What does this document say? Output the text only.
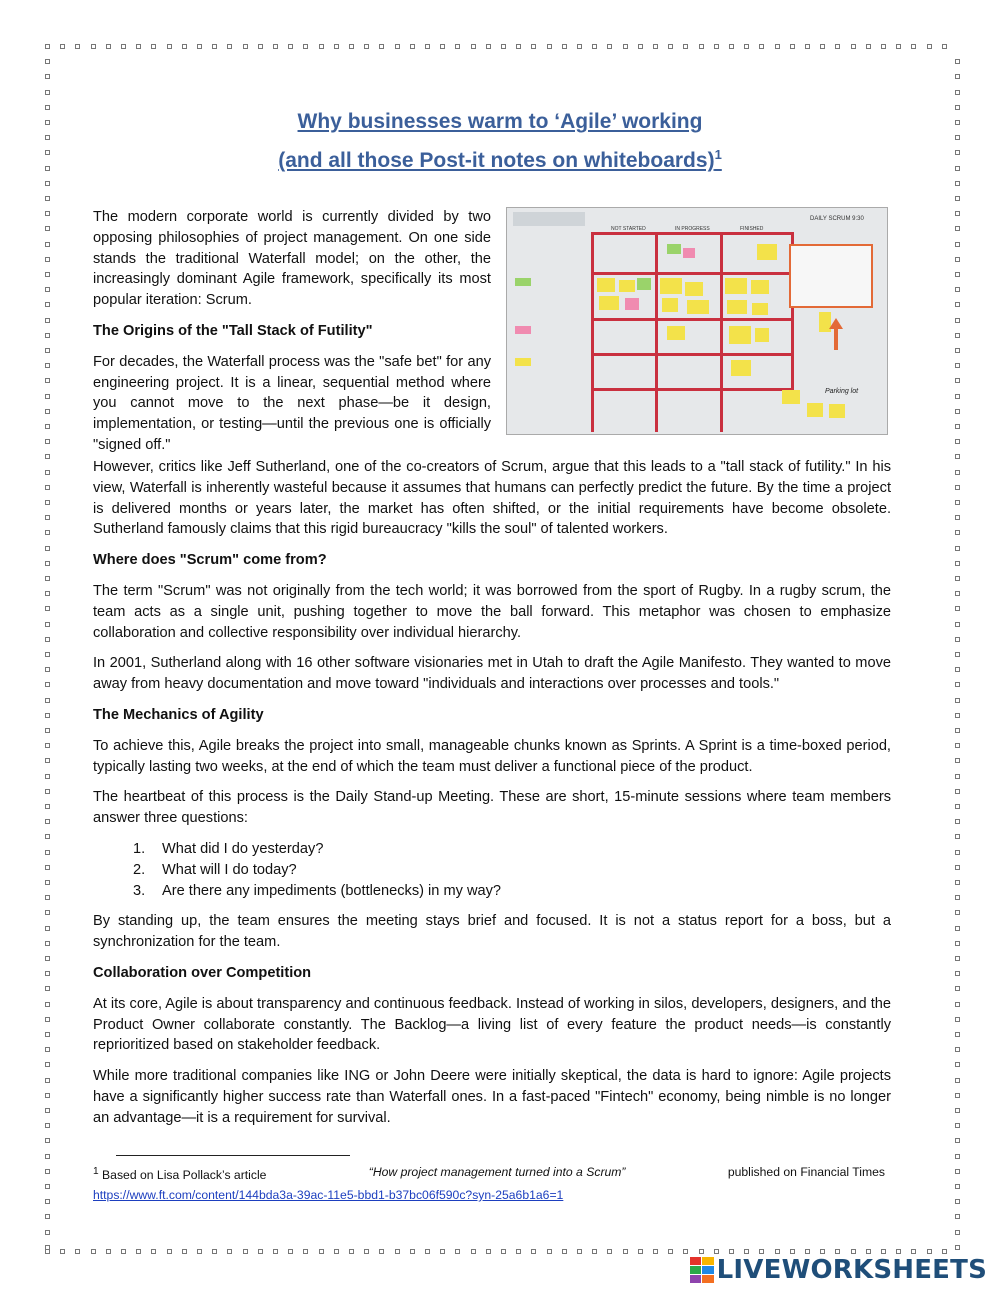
Why businesses warm to ‘Agile’ working
(and all those Post-it notes on whiteboards)$^1$

The modern corporate world is currently divided by two opposing philosophies of project management. On one side stands the traditional Waterfall model; on the other, the increasingly dominant Agile framework, specifically its most popular iteration: Scrum.

The Origins of the "Tall Stack of Futility"

For decades, the Waterfall process was the "safe bet" for any engineering project. It is a linear, sequential method where you cannot move to the next phase—be it design, implementation, or testing—until the previous one is officially "signed off."

NOT STARTED	IN PROGRESS	FINISHED
DAILY SCRUM 9:30
Parking lot

However, critics like Jeff Sutherland, one of the co-creators of Scrum, argue that this leads to a "tall stack of futility." In his view, Waterfall is inherently wasteful because it assumes that humans can perfectly predict the future. By the time a project is delivered months or years later, the market has often shifted, or the initial requirements have become obsolete. Sutherland famously claims that this rigid bureaucracy "kills the soul" of talented workers.

Where does "Scrum" come from?

The term "Scrum" was not originally from the tech world; it was borrowed from the sport of Rugby. In a rugby scrum, the team acts as a single unit, pushing together to move the ball forward. This metaphor was chosen to emphasize collaboration and collective responsibility over individual hierarchy.

In 2001, Sutherland along with 16 other software visionaries met in Utah to draft the Agile Manifesto. They wanted to move away from heavy documentation and move toward "individuals and interactions over processes and tools."

The Mechanics of Agility

To achieve this, Agile breaks the project into small, manageable chunks known as Sprints. A Sprint is a time-boxed period, typically lasting two weeks, at the end of which the team must deliver a functional piece of the product.

The heartbeat of this process is the Daily Stand-up Meeting. These are short, 15-minute sessions where team members answer three questions:

1. What did I do yesterday?
2. What will I do today?
3. Are there any impediments (bottlenecks) in my way?

By standing up, the team ensures the meeting stays brief and focused. It is not a status report for a boss, but a synchronization for the team.

Collaboration over Competition

At its core, Agile is about transparency and continuous feedback. Instead of working in silos, developers, designers, and the Product Owner collaborate constantly. The Backlog—a living list of every feature the product needs—is constantly reprioritized based on stakeholder feedback.

While more traditional companies like ING or John Deere were initially skeptical, the data is hard to ignore: Agile projects have a significantly higher success rate than Waterfall ones. In a fast-paced "Fintech" economy, being nimble is no longer an advantage—it is a requirement for survival.

$^1$ Based on Lisa Pollack’s article	“How project management turned into a Scrum”	published on Financial Times
https://www.ft.com/content/144bda3a-39ac-11e5-bbd1-b37bc06f590c?syn-25a6b1a6=1
LIVEWORKSHEETS
